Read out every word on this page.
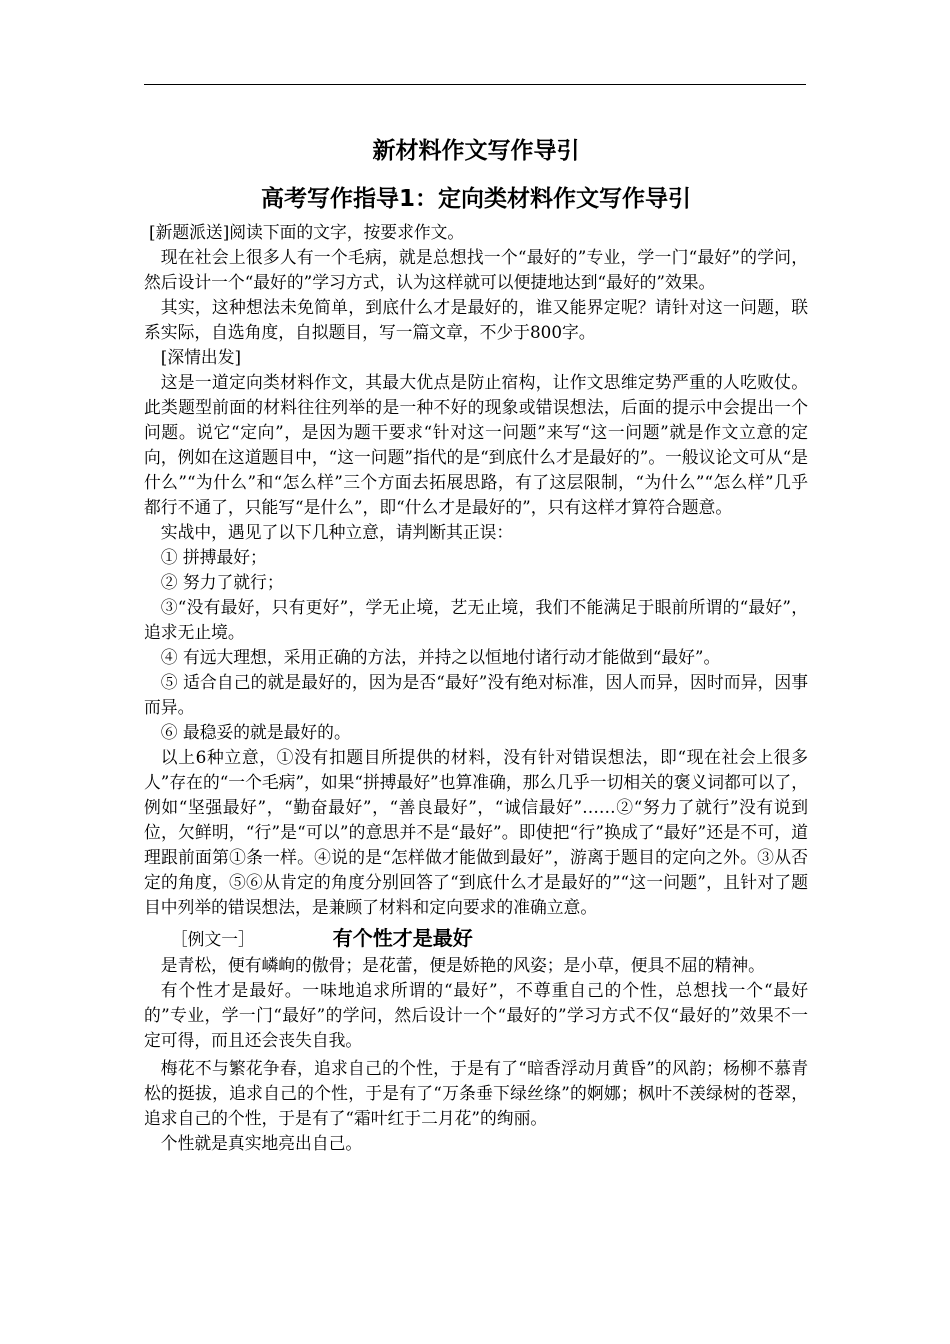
新材料作文写作导引
高考写作指导1：定向类材料作文写作导引

[新题派送]阅读下面的文字，按要求作文。

现在社会上很多人有一个毛病，就是总想找一个“最好的”专业，学一门“最好”的学问，然后设计一个“最好的”学习方式，认为这样就可以便捷地达到“最好的”效果。

其实，这种想法未免简单，到底什么才是最好的，谁又能界定呢？请针对这一问题，联系实际，自选角度，自拟题目，写一篇文章，不少于800字。

[深情出发]

这是一道定向类材料作文，其最大优点是防止宿构，让作文思维定势严重的人吃败仗。此类题型前面的材料往往列举的是一种不好的现象或错误想法，后面的提示中会提出一个问题。说它“定向”，是因为题干要求“针对这一问题”来写“这一问题”就是作文立意的定向，例如在这道题目中，“这一问题”指代的是“到底什么才是最好的”。一般议论文可从“是什么”“为什么”和“怎么样”三个方面去拓展思路，有了这层限制，“为什么”“怎么样”几乎都行不通了，只能写“是什么”，即“什么才是最好的”，只有这样才算符合题意。

实战中，遇见了以下几种立意，请判断其正误：

① 拼搏最好；

② 努力了就行；

③“没有最好，只有更好”，学无止境，艺无止境，我们不能满足于眼前所谓的“最好”，追求无止境。

④ 有远大理想，采用正确的方法，并持之以恒地付诸行动才能做到“最好”。

⑤ 适合自己的就是最好的，因为是否“最好”没有绝对标准，因人而异，因时而异，因事而异。

⑥ 最稳妥的就是最好的。

以上6种立意，①没有扣题目所提供的材料，没有针对错误想法，即“现在社会上很多人”存在的“一个毛病”，如果“拼搏最好”也算准确，那么几乎一切相关的褒义词都可以了，例如“坚强最好”，“勤奋最好”，“善良最好”，“诚信最好”……②“努力了就行”没有说到位，欠鲜明，“行”是“可以”的意思并不是“最好”。即使把“行”换成了“最好”还是不可，道理跟前面第①条一样。④说的是“怎样做才能做到最好”，游离于题目的定向之外。③从否定的角度，⑤⑥从肯定的角度分别回答了“到底什么才是最好的”“这一问题”，且针对了题目中列举的错误想法，是兼顾了材料和定向要求的准确立意。

［例文一］	有个性才是最好

是青松，便有嶙峋的傲骨；是花蕾，便是娇艳的风姿；是小草，便具不屈的精神。

有个性才是最好。一味地追求所谓的“最好”，不尊重自己的个性，总想找一个“最好的”专业，学一门“最好”的学问，然后设计一个“最好的”学习方式不仅“最好的”效果不一定可得，而且还会丧失自我。

梅花不与繁花争春，追求自己的个性，于是有了“暗香浮动月黄昏”的风韵；杨柳不慕青松的挺拔，追求自己的个性，于是有了“万条垂下绿丝绦”的婀娜；枫叶不羡绿树的苍翠，追求自己的个性，于是有了“霜叶红于二月花”的绚丽。

个性就是真实地亮出自己。
